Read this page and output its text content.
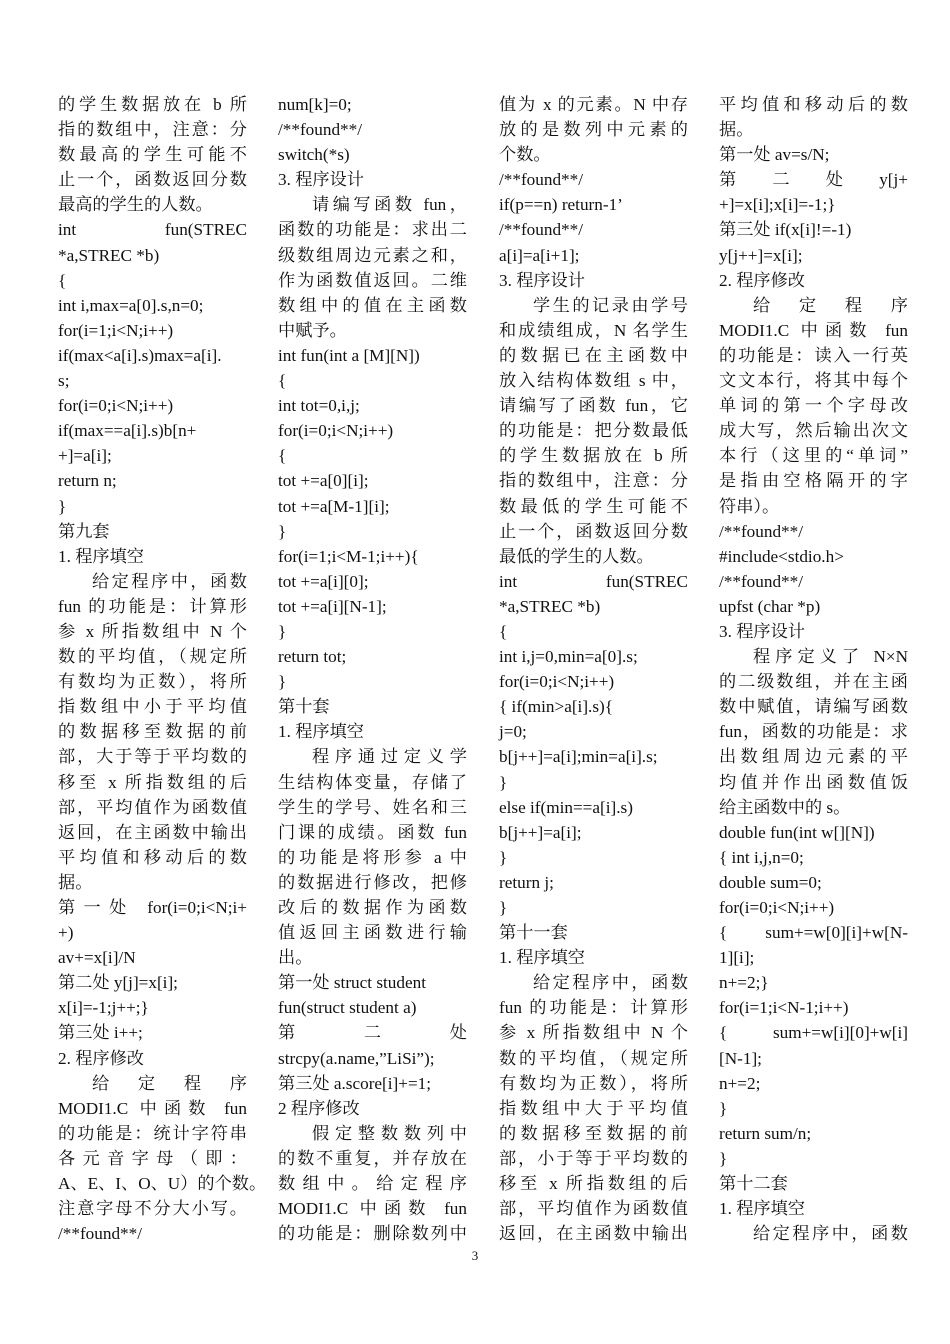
的学生数据放在 b 所
指的数组中，注意：分
数最高的学生可能不
止一个，函数返回分数
最高的学生的人数。
int fun(STREC
*a,STREC *b)
{
int i,max=a[0].s,n=0;
for(i=1;i<N;i++)
if(max<a[i].s)max=a[i].
s;
for(i=0;i<N;i++)
if(max==a[i].s)b[n+
+]=a[i];
return n;
}
第九套
1. 程序填空
给定程序中，函数
fun 的功能是：计算形
参 x 所指数组中 N 个
数的平均值，（规定所
有数均为正数），将所
指数组中小于平均值
的数据移至数据的前
部，大于等于平均数的
移至 x 所指数组的后
部，平均值作为函数值
返回，在主函数中输出
平均值和移动后的数
据。
第一处 for(i=0;i<N;i+
+)
av+=x[i]/N
第二处 y[j]=x[i];
x[i]=-1;j++;}
第三处 i++;
2. 程序修改
给定程序
MODI1.C 中函数 fun
的功能是：统计字符串
各元音字母（即：
A、E、I、O、U）的个数。
注意字母不分大小写。
/**found**/
num[k]=0;
/**found**/
switch(*s)
3. 程序设计
请编写函数 fun，
函数的功能是：求出二
级数组周边元素之和，
作为函数值返回。二维
数组中的值在主函数
中赋予。
int fun(int a [M][N])
{
int tot=0,i,j;
for(i=0;i<N;i++)
{
tot +=a[0][i];
tot +=a[M-1][i];
}
for(i=1;i<M-1;i++){
tot +=a[i][0];
tot +=a[i][N-1];
}
return tot;
}
第十套
1. 程序填空
程序通过定义学
生结构体变量，存储了
学生的学号、姓名和三
门课的成绩。函数 fun
的功能是将形参 a 中
的数据进行修改，把修
改后的数据作为函数
值返回主函数进行输
出。
第一处 struct student
fun(struct student a)
第 二 处
strcpy(a.name,”LiSi”);
第三处 a.score[i]+=1;
2 程序修改
假定整数数列中
的数不重复，并存放在
数组中。给定程序
MODI1.C 中函数 fun
的功能是：删除数列中
值为 x 的元素。N 中存
放的是数列中元素的
个数。
/**found**/
if(p==n) return-1’
/**found**/
a[i]=a[i+1];
3. 程序设计
学生的记录由学号
和成绩组成，N 名学生
的数据已在主函数中
放入结构体数组 s 中，
请编写了函数 fun，它
的功能是：把分数最低
的学生数据放在 b 所
指的数组中，注意：分
数最低的学生可能不
止一个，函数返回分数
最低的学生的人数。
int fun(STREC
*a,STREC *b)
{
int i,j=0,min=a[0].s;
for(i=0;i<N;i++)
{ if(min>a[i].s){
j=0;
b[j++]=a[i];min=a[i].s;
}
else if(min==a[i].s)
b[j++]=a[i];
}
return j;
}
第十一套
1. 程序填空
给定程序中，函数
fun 的功能是：计算形
参 x 所指数组中 N 个
数的平均值，（规定所
有数均为正数），将所
指数组中大于平均值
的数据移至数据的前
部，小于等于平均数的
移至 x 所指数组的后
部，平均值作为函数值
返回，在主函数中输出
平均值和移动后的数
据。
第一处 av=s/N;
第 二 处 y[j+
+]=x[i];x[i]=-1;}
第三处 if(x[i]!=-1)
y[j++]=x[i];
2. 程序修改
给定程序
MODI1.C 中函数 fun
的功能是：读入一行英
文文本行，将其中每个
单词的第一个字母改
成大写，然后输出次文
本行（这里的“单词”
是指由空格隔开的字
符串）。
/**found**/
#include<stdio.h>
/**found**/
upfst (char *p)
3. 程序设计
程序定义了 N×N
的二级数组，并在主函
数中赋值，请编写函数
fun，函数的功能是：求
出数组周边元素的平
均值并作出函数值饭
给主函数中的 s。
double fun(int w[][N])
{ int i,j,n=0;
double sum=0;
for(i=0;i<N;i++)
{ sum+=w[0][i]+w[N-
1][i];
n+=2;}
for(i=1;i<N-1;i++)
{ sum+=w[i][0]+w[i]
[N-1];
n+=2;
}
return sum/n;
}
第十二套
1. 程序填空
给定程序中，函数
3
